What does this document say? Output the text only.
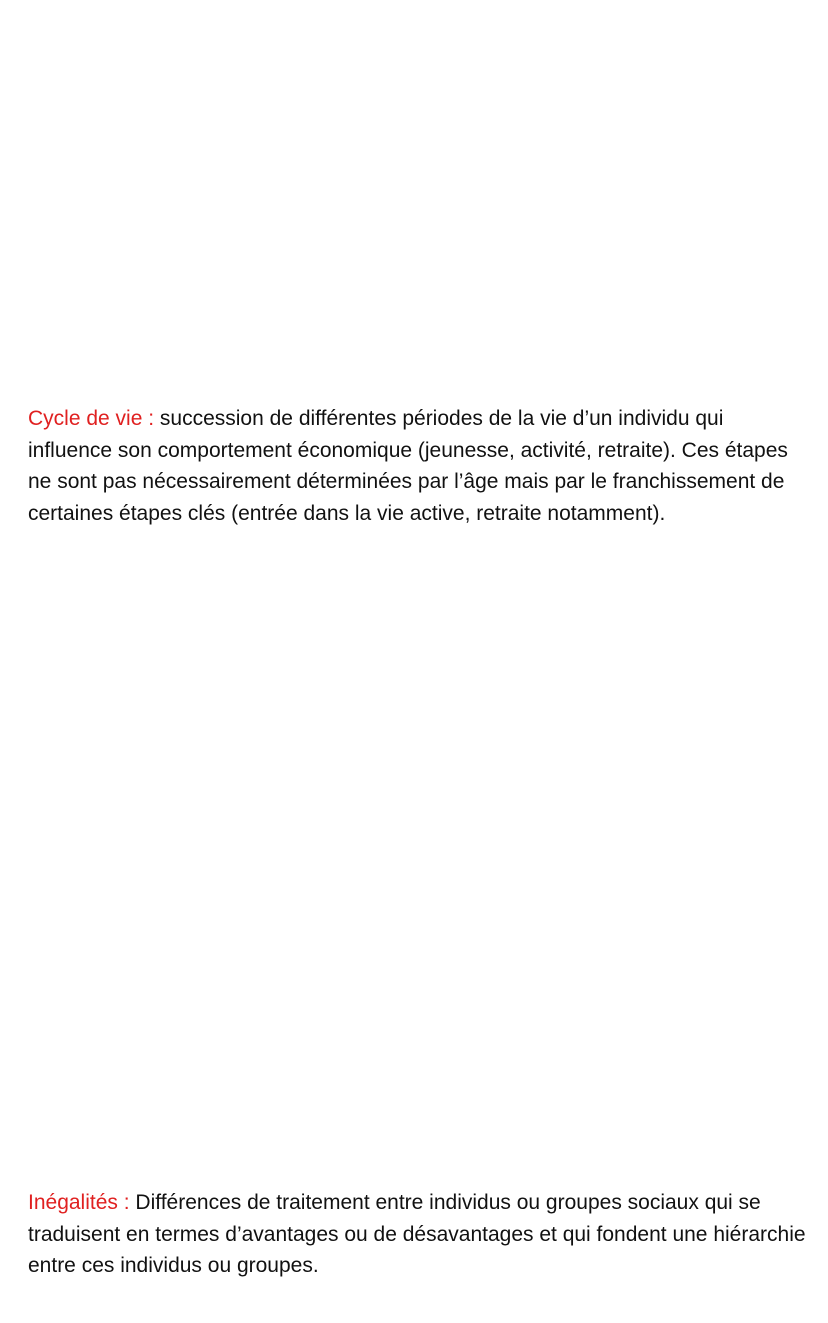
Cycle de vie : succession de différentes périodes de la vie d’un individu qui influence son comportement économique (jeunesse, activité, retraite). Ces étapes ne sont pas nécessairement déterminées par l’âge mais par le franchissement de certaines étapes clés (entrée dans la vie active, retraite notamment).

Inégalités : Différences de traitement entre individus ou groupes sociaux qui se traduisent en termes d’avantages ou de désavantages et qui fondent une hiérarchie entre ces individus ou groupes.
